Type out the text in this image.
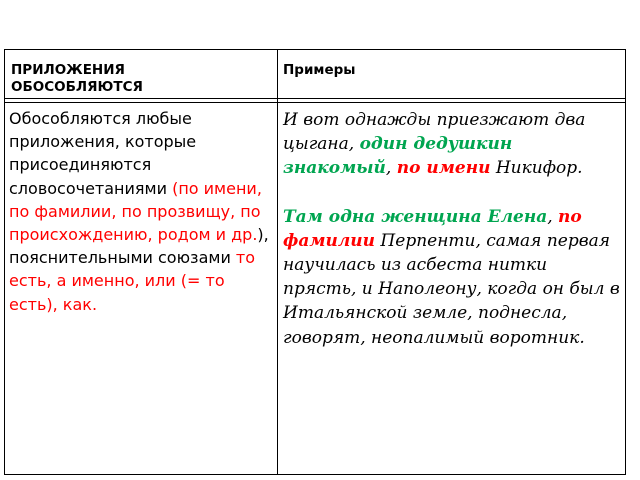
ПРИЛОЖЕНИЯ
ОБОСОБЛЯЮТСЯ
Примеры
Обособляются любые приложения, которые присоединяются словосочетаниями (по имени, по фамилии, по прозвищу, по происхождению, родом и др.), пояснительными союзами то есть, а именно, или (= то есть), как.
И вот однажды приезжают два цыгана, один дедушкин знакомый, по имени Никифор.
Там одна женщина Елена, по фамилии Перпенти, самая первая научилась из асбеста нитки прясть, и Наполеону, когда он был в Итальянской земле, поднесла, говорят, неопалимый воротник.
